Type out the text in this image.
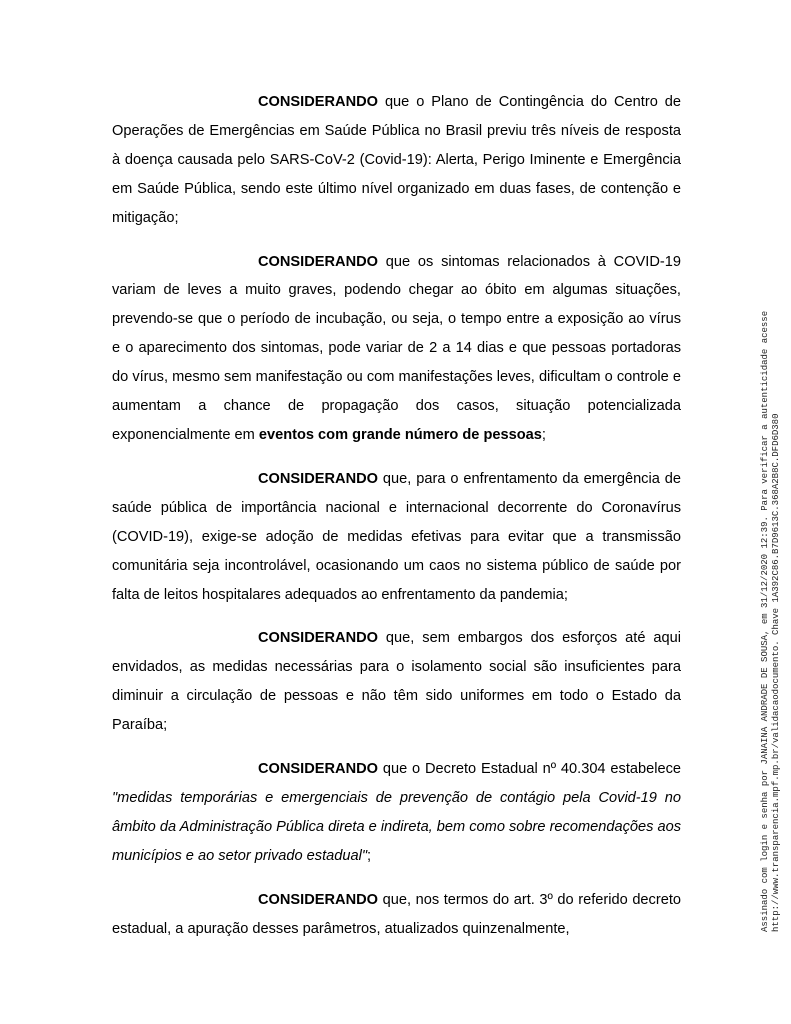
CONSIDERANDO que o Plano de Contingência do Centro de Operações de Emergências em Saúde Pública no Brasil previu três níveis de resposta à doença causada pelo SARS-CoV-2 (Covid-19): Alerta, Perigo Iminente e Emergência em Saúde Pública, sendo este último nível organizado em duas fases, de contenção e mitigação;

CONSIDERANDO que os sintomas relacionados à COVID-19 variam de leves a muito graves, podendo chegar ao óbito em algumas situações, prevendo-se que o período de incubação, ou seja, o tempo entre a exposição ao vírus e o aparecimento dos sintomas, pode variar de 2 a 14 dias e que pessoas portadoras do vírus, mesmo sem manifestação ou com manifestações leves, dificultam o controle e aumentam a chance de propagação dos casos, situação potencializada exponencialmente em eventos com grande número de pessoas;

CONSIDERANDO que, para o enfrentamento da emergência de saúde pública de importância nacional e internacional decorrente do Coronavírus (COVID-19), exige-se adoção de medidas efetivas para evitar que a transmissão comunitária seja incontrolável, ocasionando um caos no sistema público de saúde por falta de leitos hospitalares adequados ao enfrentamento da pandemia;

CONSIDERANDO que, sem embargos dos esforços até aqui envidados, as medidas necessárias para o isolamento social são insuficientes para diminuir a circulação de pessoas e não têm sido uniformes em todo o Estado da Paraíba;

CONSIDERANDO que o Decreto Estadual nº 40.304 estabelece "medidas temporárias e emergenciais de prevenção de contágio pela Covid-19 no âmbito da Administração Pública direta e indireta, bem como sobre recomendações aos municípios e ao setor privado estadual";

CONSIDERANDO que, nos termos do art. 3º do referido decreto estadual, a apuração desses parâmetros, atualizados quinzenalmente,	Assinado com login e senha por JANAINA ANDRADE DE SOUSA, em 31/12/2020 12:39. Para verificar a autenticidade acesse http://www.transparencia.mpf.mp.br/validacaodocumento. Chave 1A392C86.B7D9613C.368A2B8C.DFD6D380
